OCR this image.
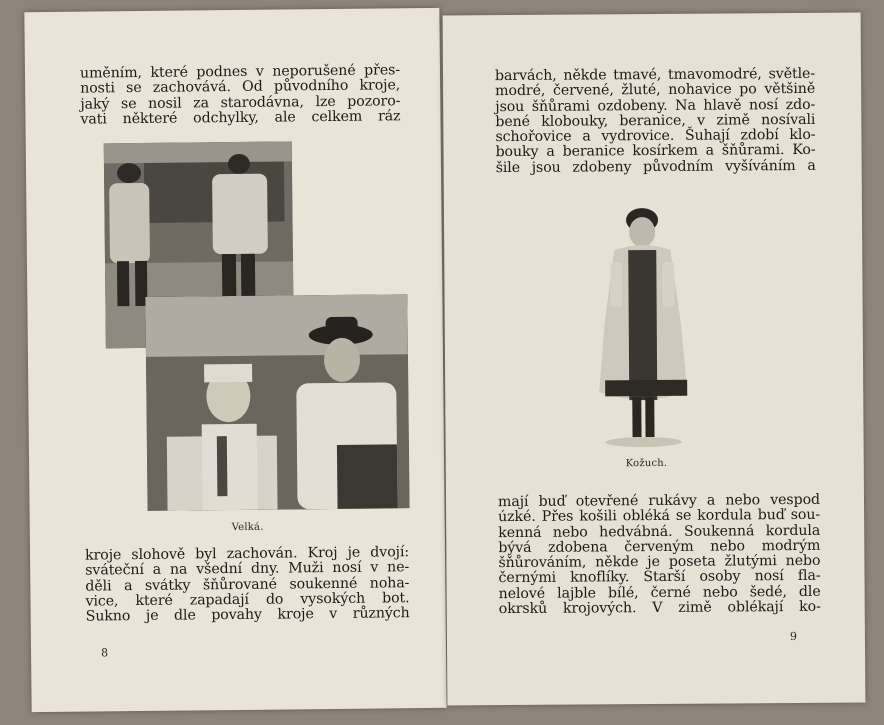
uměním, které podnes v neporušené přes-
nosti se zachovává. Od původního kroje,
jaký se nosil za starodávna, lze pozoro-
vati některé odchylky, ale celkem ráz
Velká.
kroje slohově byl zachován. Kroj je dvojí:
sváteční a na všední dny. Muži nosí v ne-
děli a svátky šňůrované soukenné noha-
vice, které zapadají do vysokých bot.
Sukno je dle povahy kroje v různých
8
barvách, někde tmavé, tmavomodré, světle-
modré, červené, žluté, nohavice po většině
jsou šňůrami ozdobeny. Na hlavě nosí zdo-
bené klobouky, beranice, v zimě nosívali
schořovice a vydrovice. Šuhají zdobí klo-
bouky a beranice kosírkem a šňůrami. Ko-
šile jsou zdobeny původním vyšíváním a
Kožuch.
mají buď otevřené rukávy a nebo vespod
úzké. Přes košili obléká se kordula buď sou-
kenná nebo hedvábná. Soukenná kordula
bývá zdobena červeným nebo modrým
šňůrováním, někde je poseta žlutými nebo
černými knoflíky. Starší osoby nosí fla-
nelové lajble bílé, černé nebo šedé, dle
okrsků krojových. V zimě oblékají ko-
9
